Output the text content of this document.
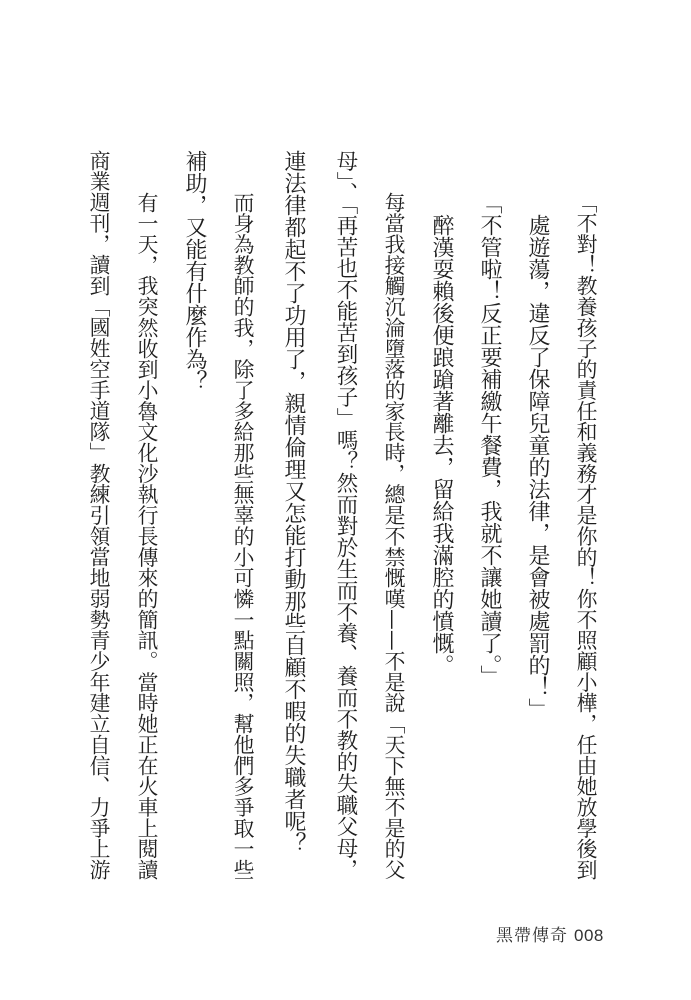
「不對！教養孩子的責任和義務才是你的！你不照顧小樺，任由她放學後到
處遊蕩，違反了保障兒童的法律，是會被處罰的！」
「不管啦！反正要補繳午餐費，我就不讓她讀了。」
醉漢耍賴後便踉蹌著離去，留給我滿腔的憤慨。
每當我接觸沉淪墮落的家長時，總是不禁慨嘆——不是說「天下無不是的父
母」、「再苦也不能苦到孩子」嗎？然而對於生而不養、養而不教的失職父母，
連法律都起不了功用了，親情倫理又怎能打動那些自顧不暇的失職者呢？
而身為教師的我，除了多給那些無辜的小可憐一點關照，幫他們多爭取一些
補助，又能有什麼作為？
有一天，我突然收到小魯文化沙執行長傳來的簡訊。當時她正在火車上閱讀
商業週刊，讀到「國姓空手道隊」教練引領當地弱勢青少年建立自信、力爭上游
黑帶傳奇 008
